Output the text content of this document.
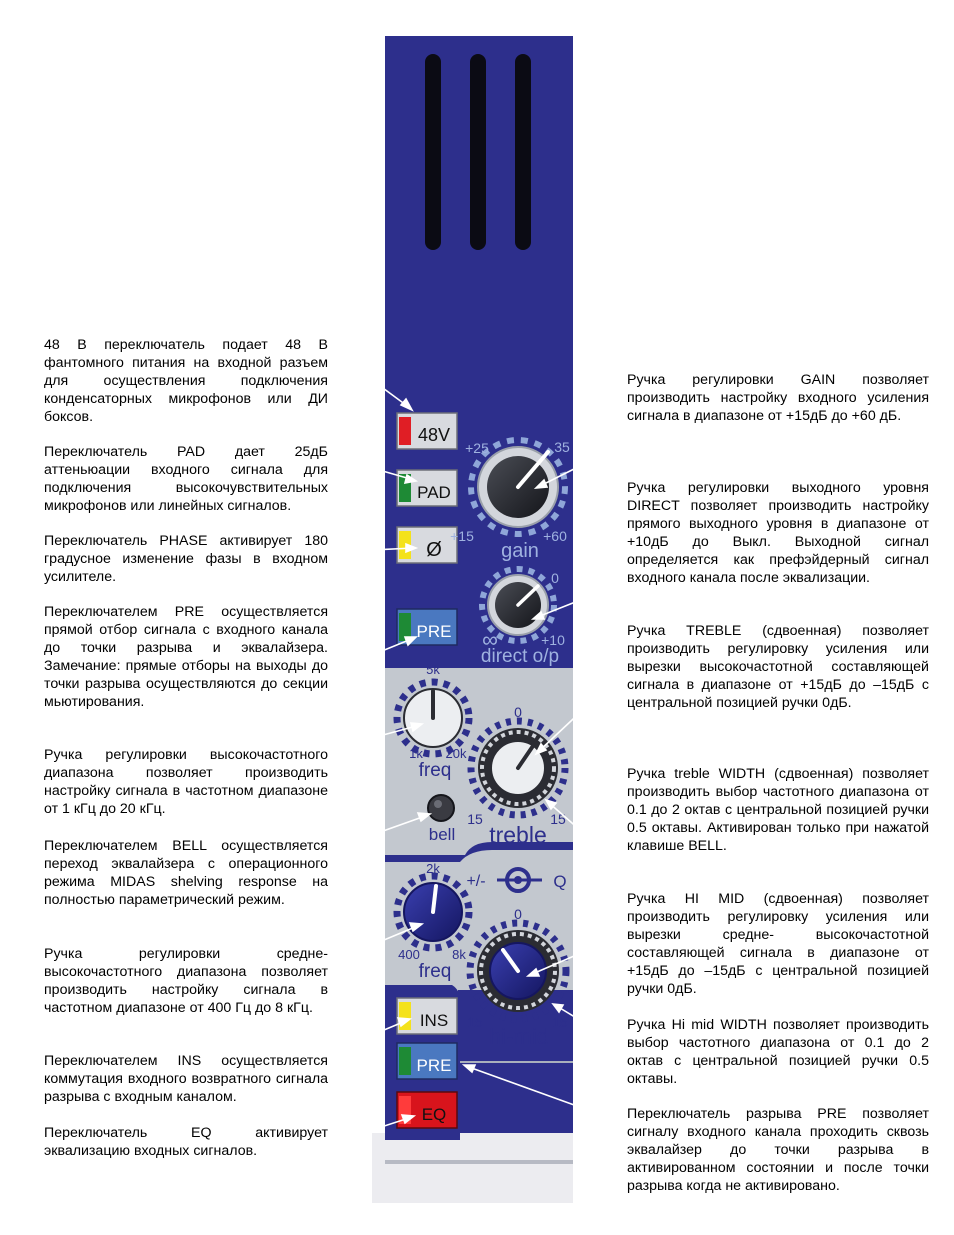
48 В переключатель подает 48 В фантомного питания на входной разъем для осуществления подключения конденсаторных микрофонов или ДИ боксов.

Переключатель PAD дает 25дБ аттеньюации входного сигнала для подключения высокочувствительных микрофонов или линейных сигналов.

Переключатель PHASE активирует 180 градусное изменение фазы в входном усилителе.

Переключателем PRE осуществляется прямой отбор сигнала с входного канала до точки разрыва и эквалайзера. Замечание: прямые отборы на выходы до точки разрыва осуществляются до секции мьютирования.

Ручка регулировки высокочастотного диапазона позволяет производить настройку сигнала в частотном диапазоне от 1 кГц до 20 кГц.

Переключателем BELL осуществляется переход эквалайзера с операционного режима MIDAS shelving response на полностью параметрический режим.

Ручка регулировки средне-высокочастотного диапазона позволяет производить настройку сигнала в частотном диапазоне от 400 Гц до 8 кГц.

Переключателем INS осуществляется коммутация входного возвратного сигнала разрыва с входным каналом.

Переключатель EQ активирует эквализацию входных сигналов.

Ручка регулировки GAIN позволяет производить настройку входного усиления сигнала в диапазоне от +15дБ до +60 дБ.

Ручка регулировки выходного уровня DIRECT позволяет производить настройку прямого выходного уровня в диапазоне от +10дБ до Выкл. Выходной сигнал определяется как префэйдерный сигнал входного канала после эквализации.

Ручка TREBLE (сдвоенная) позволяет производить регулировку усиления или вырезки высокочастотной составляющей сигнала в диапазоне от +15дБ до –15дБ с центральной позицией ручки 0дБ.

Ручка treble WIDTH (сдвоенная) позволяет производить выбор частотного диапазона от 0.1 до 2 октав с центральной позицией ручки 0.5 октавы. Активирован только при нажатой клавише BELL.

Ручка HI MID (сдвоенная) позволяет производить регулировку усиления или вырезки средне- высокочастотной составляющей сигнала в диапазоне от +15дБ до –15дБ с центральной позицией ручки 0дБ.

Ручка Hi mid WIDTH позволяет производить выбор частотного диапазона от 0.1 до 2 октав с центральной позицией ручки 0.5 октавы.

Переключатель разрыва PRE позволяет сигналу входного канала проходить сквозь эквалайзер до точки разрыва в активированном состоянии и после точки разрыва когда не активировано.

48V
PAD
Ø
PRE
INS
PRE
EQ
bell
+25	35
+15	+60
gain
0
+10
∞
direct o/p
5k
1k 20k
freq
0
15	15
treble
+/-	Q
2k
400 8k
freq
0
15	15
hi-mid
